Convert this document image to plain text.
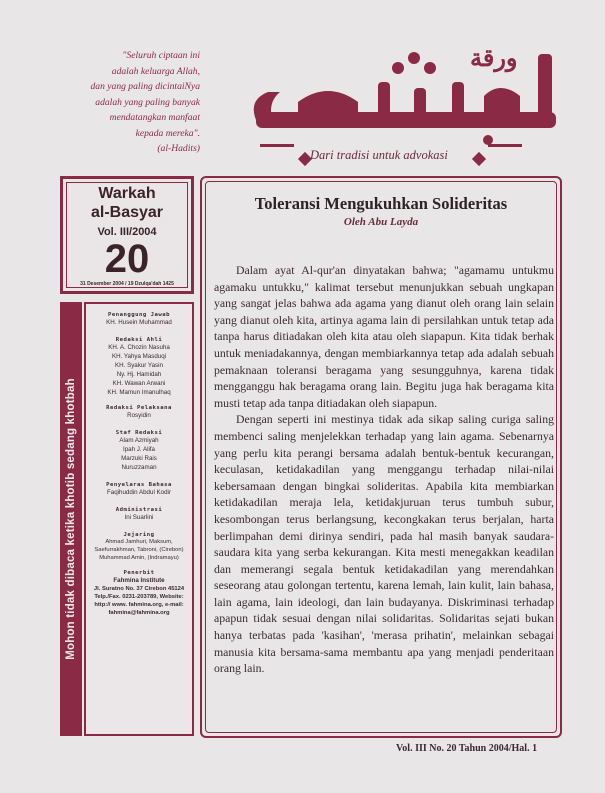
"Seluruh ciptaan ini
adalah keluarga Allah,
dan yang paling dicintaiNya
adalah yang paling banyak
mendatangkan manfaat
kepada mereka".
(al-Hadits)
ورقة
Dari tradisi untuk advokasi
Warkah
al-Basyar
Vol. III/2004
20
31 Desember 2004 / 19 Dzulqa'dah 1425
Mohon tidak dibaca ketika khotib sedang khotbah
Penanggung Jawab
KH. Husein Muhammad
Redaksi Ahli
KH. A. Chozin Nasuha
KH. Yahya Masduqi
KH. Syakur Yasin
Ny. Hj. Hamidah
KH. Wawan Arwani
KH. Mamun Imanulhaq
Redaksi Pelaksana
Rosyidin
Staf Redaksi
Alam Azmiyah
Ipah J. Alifa
Marzuki Rais
Nuruzzaman
Penyelaras Bahasa
Faqihuddin Abdul Kodir
Administrasi
Ini Suarlini
Jejaring
Ahmad Jamhuri, Maksum, Saefurrakhman, Tabroni, (Cirebon) Muhammad Amin, (Indramayu)
Penerbit
Fahmina Institute
Jl. Suratno No. 37 Cirebon 45124 Telp./Fax. 0231-203789, Website: http:// www. fahmina.org, e-mail: fahmina@fahmina.org
Toleransi Mengukuhkan Solideritas
Oleh Abu Layda

Dalam ayat Al-qur'an dinyatakan bahwa; "agamamu untukmu agamaku untukku," kalimat tersebut menunjukkan sebuah ungkapan yang sangat jelas bahwa ada agama yang dianut oleh orang lain selain yang dianut oleh kita, artinya agama lain di persilahkan untuk tetap ada tanpa harus ditiadakan oleh kita atau oleh siapapun. Kita tidak berhak untuk meniadakannya, dengan membiarkannya tetap ada adalah sebuah pemaknaan toleransi beragama yang sesungguhnya, karena tidak mengganggu hak beragama orang lain. Begitu juga hak beragama kita musti tetap ada tanpa ditiadakan oleh siapapun.

Dengan seperti ini mestinya tidak ada sikap saling curiga saling membenci saling menjelekkan terhadap yang lain agama. Sebenarnya yang perlu kita perangi bersama adalah bentuk-bentuk kecurangan, keculasan, ketidakadilan yang menggangu terhadap nilai-nilai kebersamaan dengan bingkai solideritas. Apabila kita membiarkan ketidakadilan meraja lela, ketidakjuruan terus tumbuh subur, kesombongan terus berlangsung, kecongkakan terus berjalan, harta berlimpahan demi dirinya sendiri, pada hal masih banyak saudara-saudara kita yang serba kekurangan. Kita mesti menegakkan keadilan dan memerangi segala bentuk ketidakadilan yang merendahkan seseorang atau golongan tertentu, karena lemah, lain kulit, lain bahasa, lain agama, lain ideologi, dan lain budayanya. Diskriminasi terhadap apapun tidak sesuai dengan nilai solidaritas. Solidaritas sejati bukan hanya terbatas pada 'kasihan', 'merasa prihatin', melainkan sebagai manusia kita bersama-sama membantu apa yang menjadi penderitaan orang lain.

Vol. III No. 20 Tahun 2004/Hal. 1
